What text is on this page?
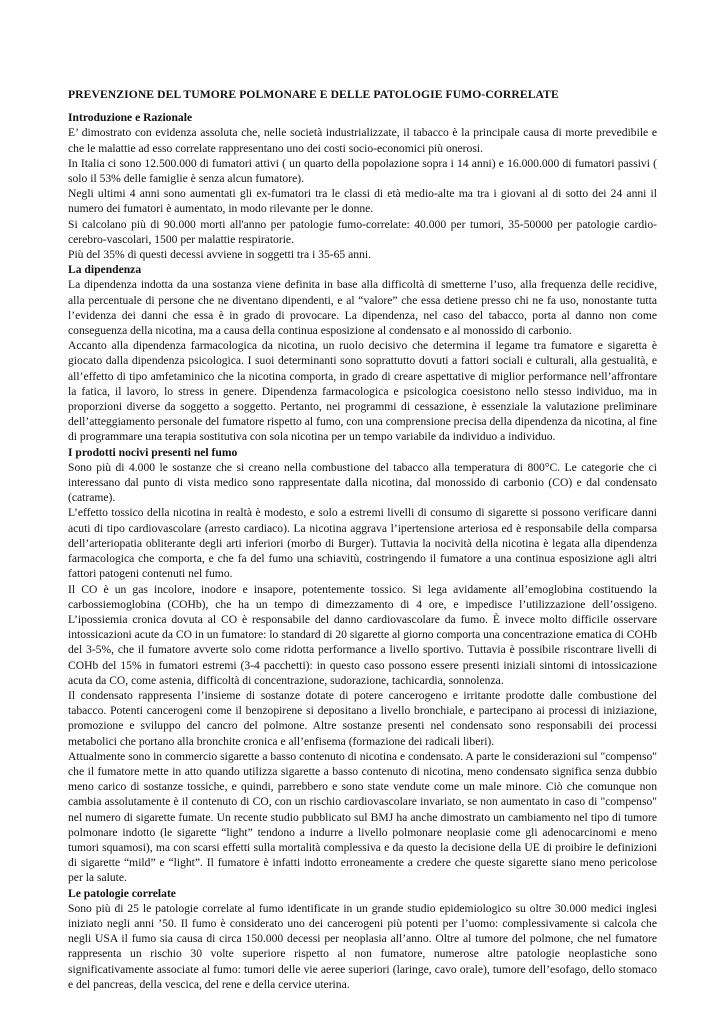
PREVENZIONE DEL TUMORE POLMONARE E DELLE PATOLOGIE FUMO-CORRELATE
Introduzione e Razionale

E’ dimostrato con evidenza assoluta che, nelle società industrializzate, il tabacco è la principale causa di morte prevedibile e che le malattie ad esso correlate rappresentano uno dei costi socio-economici più onerosi.

In Italia ci sono 12.500.000 di fumatori attivi ( un quarto della popolazione sopra i 14 anni) e 16.000.000 di fumatori passivi ( solo il 53% delle famiglie è senza alcun fumatore).

Negli ultimi 4 anni sono aumentati gli ex-fumatori tra le classi di età medio-alte ma tra i giovani al di sotto dei 24 anni il numero dei fumatori è aumentato, in modo rilevante per le donne.

Si calcolano più di 90.000 morti all'anno per patologie fumo-correlate: 40.000 per tumori, 35-50000 per patologie cardio-cerebro-vascolari, 1500 per malattie respiratorie.

Più del 35% di questi decessi avviene in soggetti tra i 35-65 anni.

La dipendenza

La dipendenza indotta da una sostanza viene definita in base alla difficoltà di smetterne l’uso, alla frequenza delle recidive, alla percentuale di persone che ne diventano dipendenti, e al “valore” che essa detiene presso chi ne fa uso, nonostante tutta l’evidenza dei danni che essa è in grado di provocare. La dipendenza, nel caso del tabacco, porta al danno non come conseguenza della nicotina, ma a causa della continua esposizione al condensato e al monossido di carbonio.

Accanto alla dipendenza farmacologica da nicotina, un ruolo decisivo che determina il legame tra fumatore e sigaretta è giocato dalla dipendenza psicologica. I suoi determinanti sono soprattutto dovuti a fattori sociali e culturali, alla gestualità, e all’effetto di tipo amfetaminico che la nicotina comporta, in grado di creare aspettative di miglior performance nell’affrontare la fatica, il lavoro, lo stress in genere. Dipendenza farmacologica e psicologica coesistono nello stesso individuo, ma in proporzioni diverse da soggetto a soggetto. Pertanto, nei programmi di cessazione, è essenziale la valutazione preliminare dell’atteggiamento personale del fumatore rispetto al fumo, con una comprensione precisa della dipendenza da nicotina, al fine di programmare una terapia sostitutiva con sola nicotina per un tempo variabile da individuo a individuo.

I prodotti nocivi presenti nel fumo

Sono più di 4.000 le sostanze che si creano nella combustione del tabacco alla temperatura di 800°C. Le categorie che ci interessano dal punto di vista medico sono rappresentate dalla nicotina, dal monossido di carbonio (CO) e dal condensato (catrame).

L’effetto tossico della nicotina in realtà è modesto, e solo a estremi livelli di consumo di sigarette si possono verificare danni acuti di tipo cardiovascolare (arresto cardiaco). La nicotina aggrava l’ipertensione arteriosa ed è responsabile della comparsa dell’arteriopatia obliterante degli arti inferiori (morbo di Burger). Tuttavia la nocività della nicotina è legata alla dipendenza farmacologica che comporta, e che fa del fumo una schiavitù, costringendo il fumatore a una continua esposizione agli altri fattori patogeni contenuti nel fumo.

Il CO è un gas incolore, inodore e insapore, potentemente tossico. Si lega avidamente all’emoglobina costituendo la carbossiemoglobina (COHb), che ha un tempo di dimezzamento di 4 ore, e impedisce l’utilizzazione dell’ossigeno. L’ipossiemia cronica dovuta al CO è responsabile del danno cardiovascolare da fumo. È invece molto difficile osservare intossicazioni acute da CO in un fumatore: lo standard di 20 sigarette al giorno comporta una concentrazione ematica di COHb del 3-5%, che il fumatore avverte solo come ridotta performance a livello sportivo. Tuttavia è possibile riscontrare livelli di COHb del 15% in fumatori estremi (3-4 pacchetti): in questo caso possono essere presenti iniziali sintomi di intossicazione acuta da CO, come astenia, difficoltà di concentrazione, sudorazione, tachicardia, sonnolenza.

Il condensato rappresenta l’insieme di sostanze dotate di potere cancerogeno e irritante prodotte dalle combustione del tabacco. Potenti cancerogeni come il benzopirene si depositano a livello bronchiale, e partecipano ai processi di iniziazione, promozione e sviluppo del cancro del polmone. Altre sostanze presenti nel condensato sono responsabili dei processi metabolici che portano alla bronchite cronica e all’enfisema (formazione dei radicali liberi).

Attualmente sono in commercio sigarette a basso contenuto di nicotina e condensato. A parte le considerazioni sul "compenso" che il fumatore mette in atto quando utilizza sigarette a basso contenuto di nicotina, meno condensato significa senza dubbio meno carico di sostanze tossiche, e quindi, parrebbero e sono state vendute come un male minore. Ciò che comunque non cambia assolutamente è il contenuto di CO, con un rischio cardiovascolare invariato, se non aumentato in caso di "compenso" nel numero di sigarette fumate. Un recente studio pubblicato sul BMJ ha anche dimostrato un cambiamento nel tipo di tumore polmonare indotto (le sigarette “light” tendono a indurre a livello polmonare neoplasie come gli adenocarcinomi e meno tumori squamosi), ma con scarsi effetti sulla mortalità complessiva e da questo la decisione della UE di proibire le definizioni di sigarette “mild” e “light”. Il fumatore è infatti indotto erroneamente a credere che queste sigarette siano meno pericolose per la salute.

Le patologie correlate

Sono più di 25 le patologie correlate al fumo identificate in un grande studio epidemiologico su oltre 30.000 medici inglesi iniziato negli anni ’50. Il fumo è considerato uno dei cancerogeni più potenti per l’uomo: complessivamente si calcola che negli USA il fumo sia causa di circa 150.000 decessi per neoplasia all’anno. Oltre al tumore del polmone, che nel fumatore rappresenta un rischio 30 volte superiore rispetto al non fumatore, numerose altre patologie neoplastiche sono significativamente associate al fumo: tumori delle vie aeree superiori (laringe, cavo orale), tumore dell’esofago, dello stomaco e del pancreas, della vescica, del rene e della cervice uterina.
